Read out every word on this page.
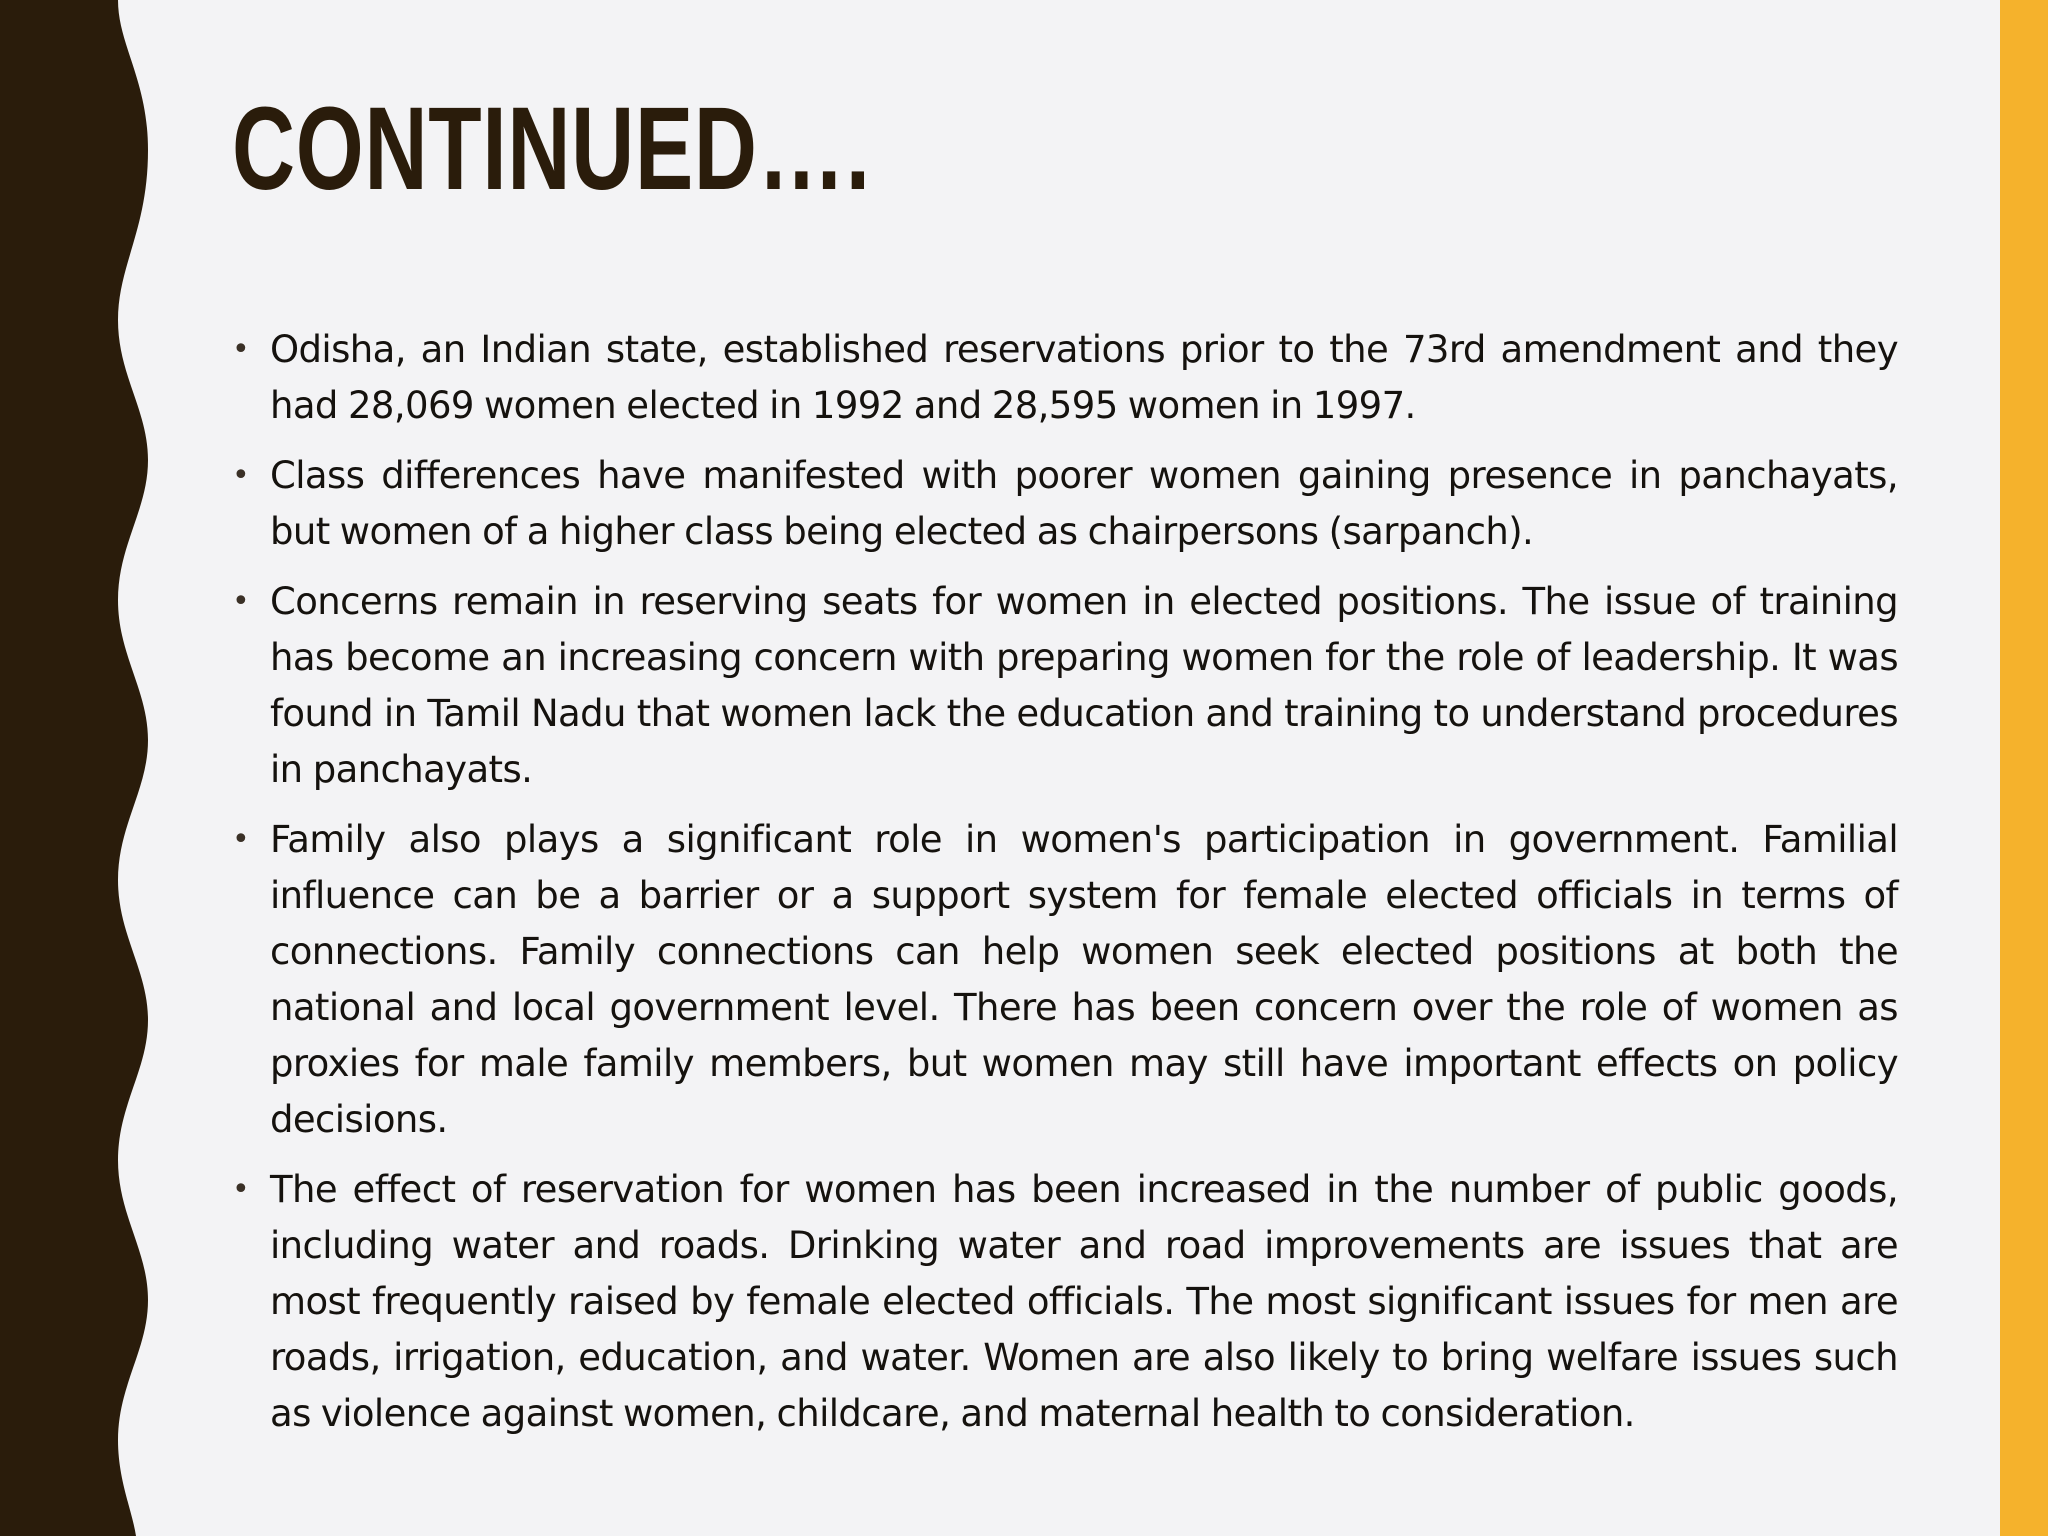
CONTINUED….
• Odisha, an Indian state, established reservations prior to the 73rd amendment and they had 28,069 women elected in 1992 and 28,595 women in 1997.
• Class differences have manifested with poorer women gaining presence in panchayats, but women of a higher class being elected as chairpersons (sarpanch).
• Concerns remain in reserving seats for women in elected positions. The issue of training has become an increasing concern with preparing women for the role of leadership. It was found in Tamil Nadu that women lack the education and training to understand procedures in panchayats.
• Family also plays a significant role in women's participation in government. Familial influence can be a barrier or a support system for female elected officials in terms of connections. Family connections can help women seek elected positions at both the national and local government level. There has been concern over the role of women as proxies for male family members, but women may still have important effects on policy decisions.
• The effect of reservation for women has been increased in the number of public goods, including water and roads. Drinking water and road improvements are issues that are most frequently raised by female elected officials. The most significant issues for men are roads, irrigation, education, and water. Women are also likely to bring welfare issues such as violence against women, childcare, and maternal health to consideration.
